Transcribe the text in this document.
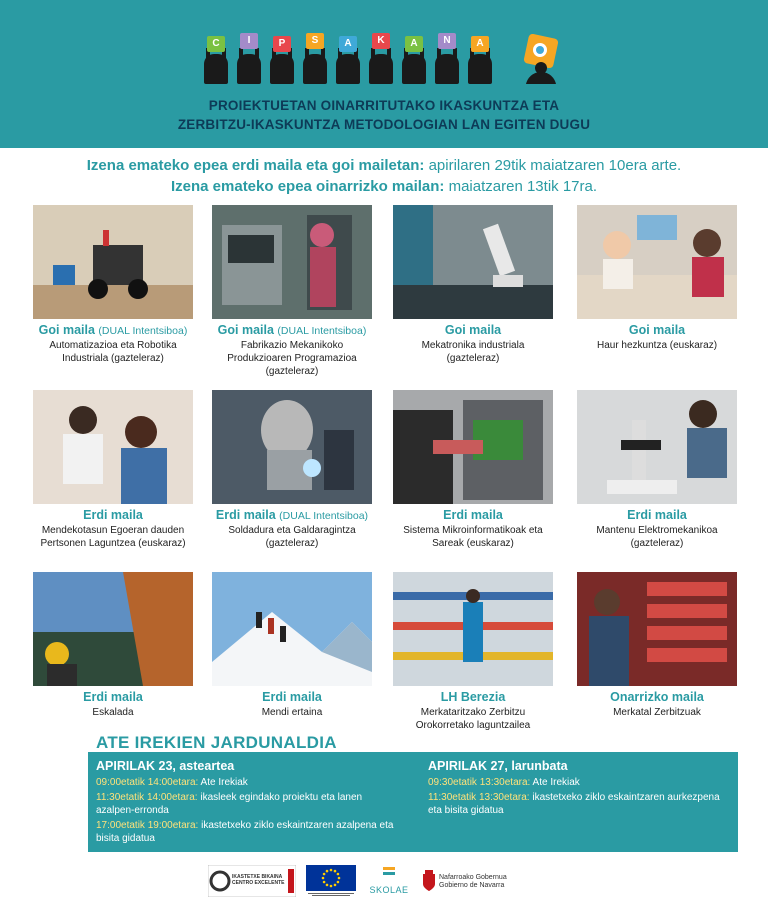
C	I	P	S	A	K	A	N	A
PROIEKTUETAN OINARRITUTAKO IKASKUNTZA ETA
ZERBITZU-IKASKUNTZA METODOLOGIAN LAN EGITEN DUGU
Izena emateko epea erdi maila eta goi mailetan: apirilaren 29tik maiatzaren 10era arte.
Izena emateko epea oinarrizko mailan: maiatzaren 13tik 17ra.
Goi maila (DUAL Intentsiboa)
Automatizazioa eta Robotika Industriala (gazteleraz)
Goi maila (DUAL Intentsiboa)
Fabrikazio Mekanikoko Produkzioaren Programazioa (gazteleraz)
Goi maila
Mekatronika industriala (gazteleraz)
Goi maila
Haur hezkuntza (euskaraz)
Erdi maila
Mendekotasun Egoeran dauden Pertsonen Laguntzea (euskaraz)
Erdi maila (DUAL Intentsiboa)
Soldadura eta Galdaragintza (gazteleraz)
Erdi maila
Sistema Mikroinformatikoak eta Sareak (euskaraz)
Erdi maila
Mantenu Elektromekanikoa (gazteleraz)
Erdi maila
Eskalada
Erdi maila
Mendi ertaina
LH Berezia
Merkataritzako Zerbitzu Orokorretako laguntzailea
Onarrizko maila
Merkatal Zerbitzuak
ATE IREKIEN JARDUNALDIA
APIRILAK 23, asteartea
09:00etatik 14:00etara: Ate Irekiak
11:30etatik 14:00etara: ikasleek egindako proiektu eta lanen azalpen-erronda
17:00etatik 19:00etara: ikastetxeko ziklo eskaintzaren azalpena eta bisita gidatua
APIRILAK 27, larunbata
09:30etatik 13:30etara: Ate Irekiak
11:30etatik 13:30etara: ikastetxeko ziklo eskaintzaren aurkezpena eta bisita gidatua
IKASTETXE BIKAINA CENTRO EXCELENTE
SKOLAE
Nafarroako Gobernua
Gobierno de Navarra
